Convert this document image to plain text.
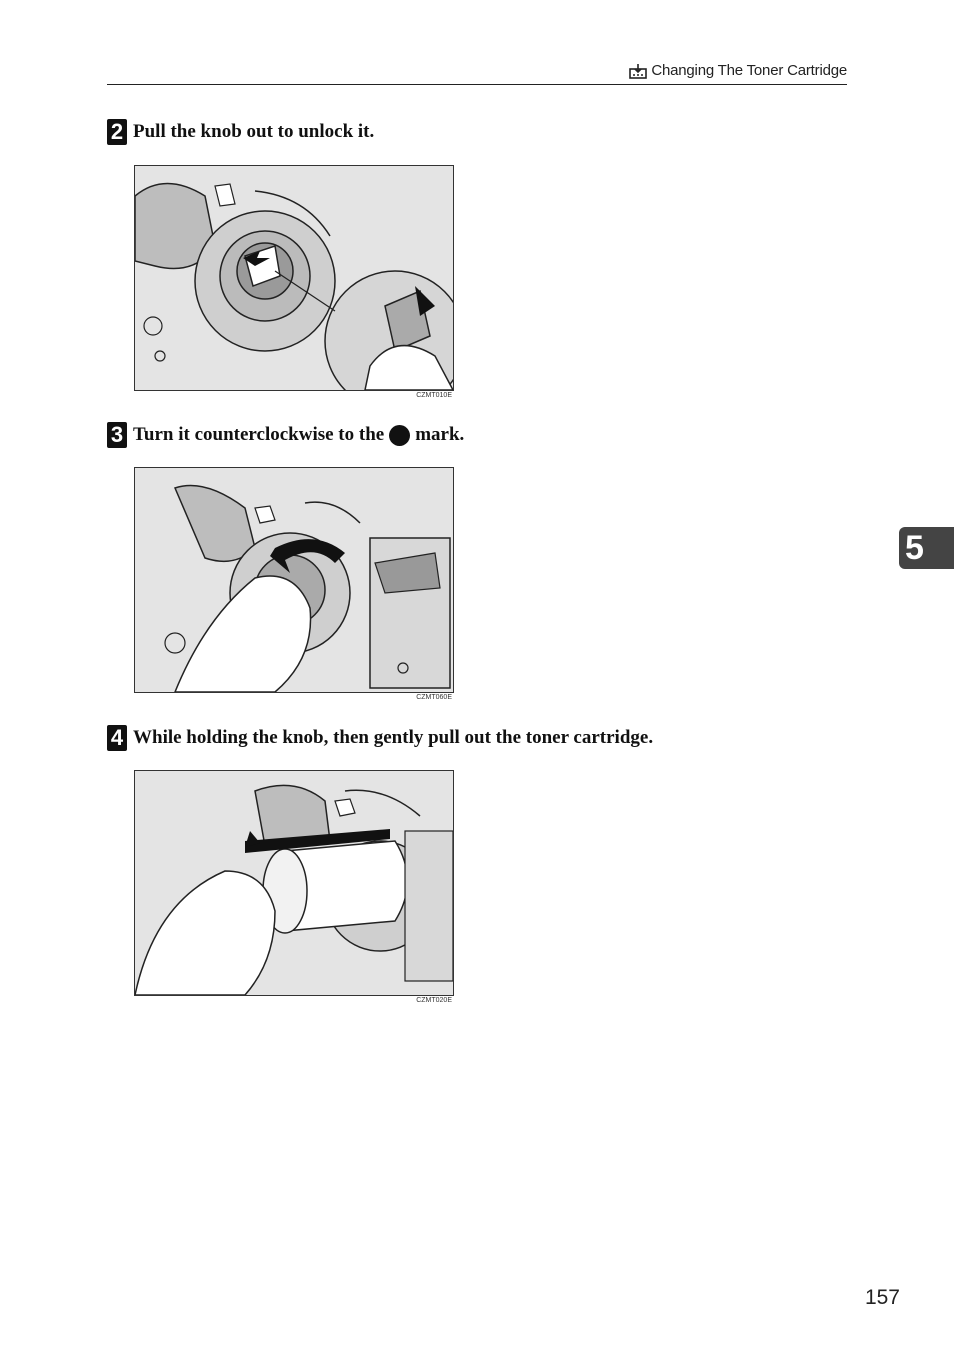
Changing The Toner Cartridge
2 Pull the knob out to unlock it.
CZMT010E
3 Turn it counterclockwise to the mark.
CZMT060E
4 While holding the knob, then gently pull out the toner cartridge.
CZMT020E
5
157
